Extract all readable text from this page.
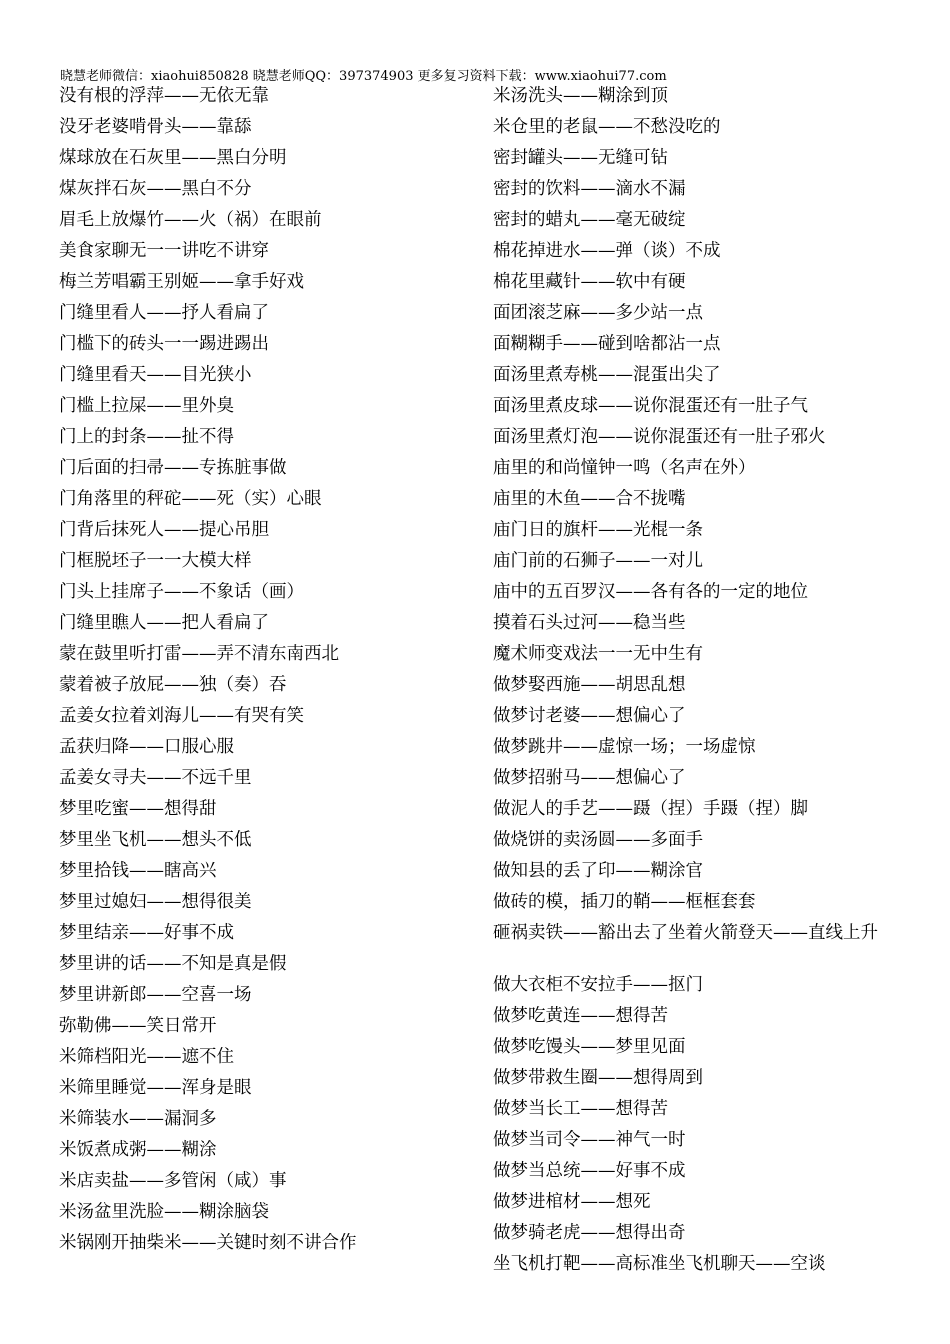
晓慧老师微信：xiaohui850828 晓慧老师QQ：397374903 更多复习资料下载：www.xiaohui77.com
没有根的浮萍——无依无靠
没牙老婆啃骨头——靠舔
煤球放在石灰里——黑白分明
煤灰拌石灰——黑白不分
眉毛上放爆竹——火（祸）在眼前
美食家聊无一一讲吃不讲穿
梅兰芳唱霸王别姬——拿手好戏
门缝里看人——抒人看扁了
门槛下的砖头一一踢进踢出
门缝里看天——目光狭小
门槛上拉屎——里外臭
门上的封条——扯不得
门后面的扫帚——专拣脏事做
门角落里的秤砣——死（实）心眼
门背后抹死人——提心吊胆
门框脱坯子一一大模大样
门头上挂席子——不象话（画）
门缝里瞧人——把人看扁了
蒙在鼓里听打雷——弄不清东南西北
蒙着被子放屁——独（奏）吞
孟姜女拉着刘海儿——有哭有笑
孟获归降——口服心服
孟姜女寻夫——不远千里
梦里吃蜜——想得甜
梦里坐飞机——想头不低
梦里拾钱——瞎高兴
梦里过媳妇——想得很美
梦里结亲——好事不成
梦里讲的话——不知是真是假
梦里讲新郎——空喜一场
弥勒佛——笑日常开
米筛档阳光——遮不住
米筛里睡觉——浑身是眼
米筛装水——漏洞多
米饭煮成粥——糊涂
米店卖盐——多管闲（咸）事
米汤盆里洗脸——糊涂脑袋
米锅刚开抽柴米——关键时刻不讲合作
米汤洗头——糊涂到顶
米仓里的老鼠——不愁没吃的
密封罐头——无缝可钻
密封的饮料——滴水不漏
密封的蜡丸——毫无破绽
棉花掉进水——弹（谈）不成
棉花里藏针——软中有硬
面团滚芝麻——多少站一点
面糊糊手——碰到啥都沾一点
面汤里煮寿桃——混蛋出尖了
面汤里煮皮球——说你混蛋还有一肚子气
面汤里煮灯泡——说你混蛋还有一肚子邪火
庙里的和尚憧钟一鸣（名声在外）
庙里的木鱼——合不拢嘴
庙门日的旗杆——光棍一条
庙门前的石狮子——一对儿
庙中的五百罗汉——各有各的一定的地位
摸着石头过河——稳当些
魔术师变戏法一一无中生有
做梦娶西施——胡思乱想
做梦讨老婆——想偏心了
做梦跳井——虚惊一场；一场虚惊
做梦招驸马——想偏心了
做泥人的手艺——蹑（捏）手蹑（捏）脚
做烧饼的卖汤圆——多面手
做知县的丢了印——糊涂官
做砖的模，插刀的鞘——框框套套
砸祸卖铁——豁出去了坐着火箭登天——直线上升
做大衣柜不安拉手——抠门
做梦吃黄连——想得苦
做梦吃馒头——梦里见面
做梦带救生圈——想得周到
做梦当长工——想得苦
做梦当司令——神气一时
做梦当总统——好事不成
做梦进棺材——想死
做梦骑老虎——想得出奇
坐飞机打靶——高标准坐飞机聊天——空谈
